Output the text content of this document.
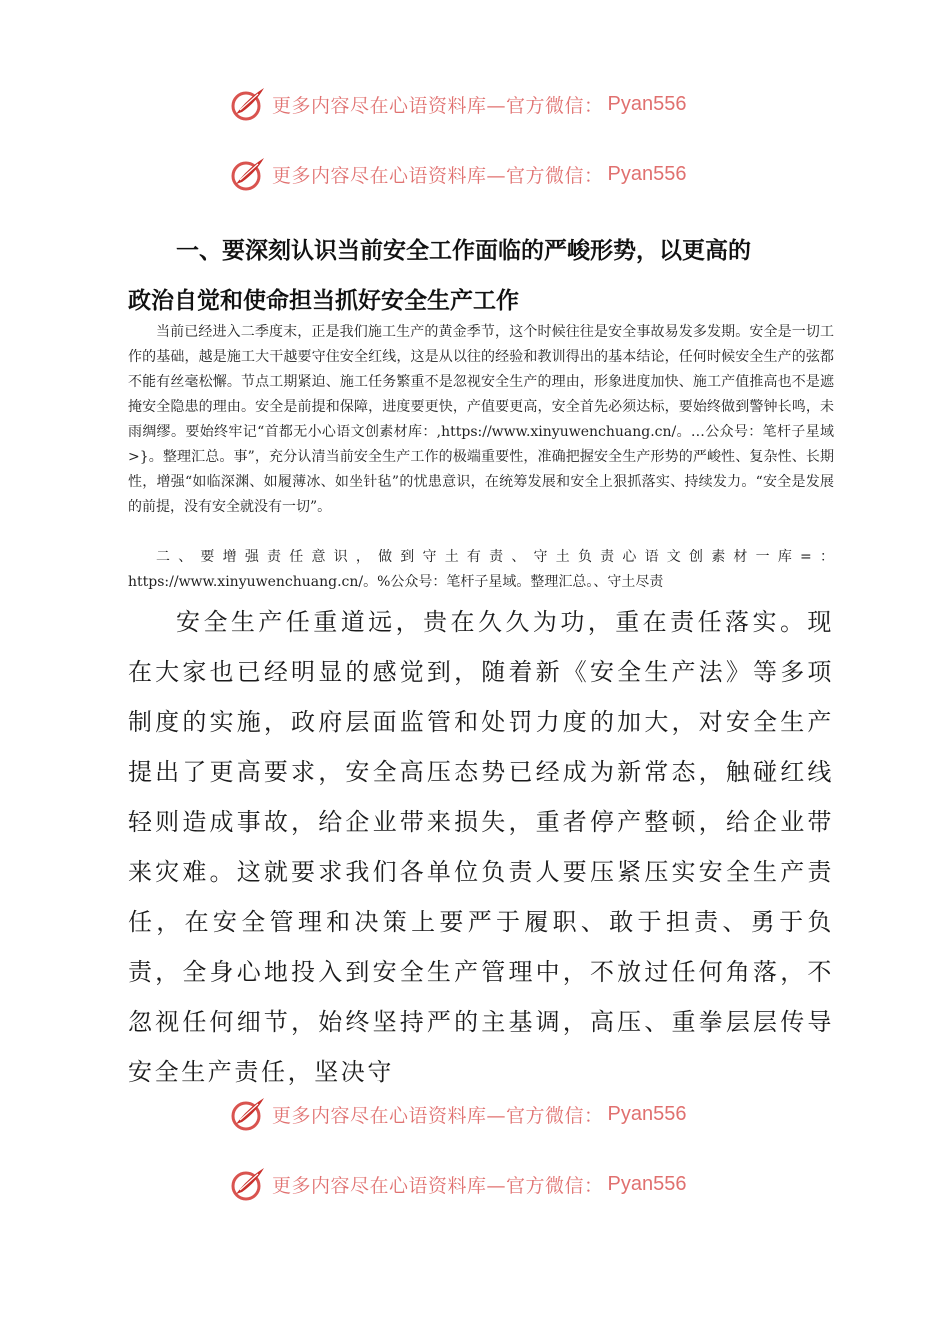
更多内容尽在心语资料库—官方微信： Pyan556
更多内容尽在心语资料库—官方微信： Pyan556
一、要深刻认识当前安全工作面临的严峻形势，以更高的
政治自觉和使命担当抓好安全生产工作

当前已经进入二季度末，正是我们施工生产的黄金季节，这个时候往往是安全事故易发多发期。安全是一切工作的基础，越是施工大干越要守住安全红线，这是从以往的经验和教训得出的基本结论，任何时候安全生产的弦都不能有丝毫松懈。节点工期紧迫、施工任务繁重不是忽视安全生产的理由，形象进度加快、施工产值推高也不是遮掩安全隐患的理由。安全是前提和保障，进度要更快，产值要更高，安全首先必须达标，要始终做到警钟长鸣，未雨绸缪。要始终牢记“首都无小心语文创素材库：,https://www.xinyuwenchuang.cn/。…公众号：笔杆子星域>}。整理汇总。事”，充分认清当前安全生产工作的极端重要性，准确把握安全生产形势的严峻性、复杂性、长期性，增强“如临深渊、如履薄冰、如坐针毡”的忧患意识，在统筹发展和安全上狠抓落实、持续发力。“安全是发展的前提，没有安全就没有一切”。

二、要增强责任意识，做到守土有责、守土负责心语文创素材一库=：https://www.xinyuwenchuang.cn/。%公众号：笔杆子星域。整理汇总。、守土尽责

安全生产任重道远，贵在久久为功，重在责任落实。现在大家也已经明显的感觉到，随着新《安全生产法》等多项制度的实施，政府层面监管和处罚力度的加大，对安全生产提出了更高要求，安全高压态势已经成为新常态，触碰红线轻则造成事故，给企业带来损失，重者停产整顿，给企业带来灾难。这就要求我们各单位负责人要压紧压实安全生产责任，在安全管理和决策上要严于履职、敢于担责、勇于负责，全身心地投入到安全生产管理中，不放过任何角落，不忽视任何细节，始终坚持严的主基调，高压、重拳层层传导安全生产责任，坚决守

更多内容尽在心语资料库—官方微信： Pyan556
更多内容尽在心语资料库—官方微信： Pyan556
